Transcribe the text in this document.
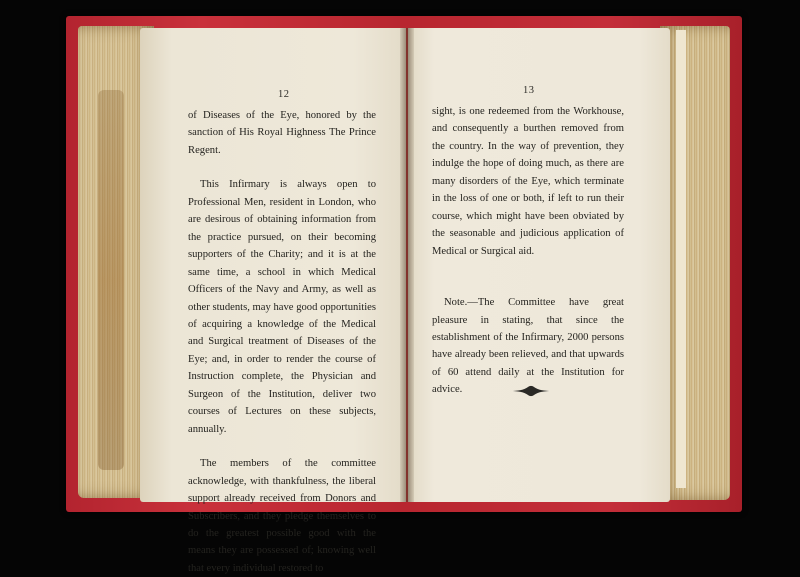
12

of Diseases of the Eye, honored by the sanction of His Royal Highness The Prince Regent.

This Infirmary is always open to Professional Men, resident in London, who are desirous of obtaining information from the practice pursued, on their becoming supporters of the Charity; and it is at the same time, a school in which Medical Officers of the Navy and Army, as well as other students, may have good opportunities of acquiring a knowledge of the Medical and Surgical treatment of Diseases of the Eye; and, in order to render the course of Instruction complete, the Physician and Surgeon of the Institution, deliver two courses of Lectures on these subjects, annually.

The members of the committee acknowledge, with thankfulness, the liberal support already received from Donors and Subscribers, and they pledge themselves to do the greatest possible good with the means they are possessed of; knowing well that every individual restored to

13

sight, is one redeemed from the Workhouse, and consequently a burthen removed from the country. In the way of prevention, they indulge the hope of doing much, as there are many disorders of the Eye, which terminate in the loss of one or both, if left to run their course, which might have been obviated by the seasonable and judicious application of Medical or Surgical aid.

Note.—The Committee have great pleasure in stating, that since the establishment of the Infirmary, 2000 persons have already been relieved, and that upwards of 60 attend daily at the Institution for advice.
